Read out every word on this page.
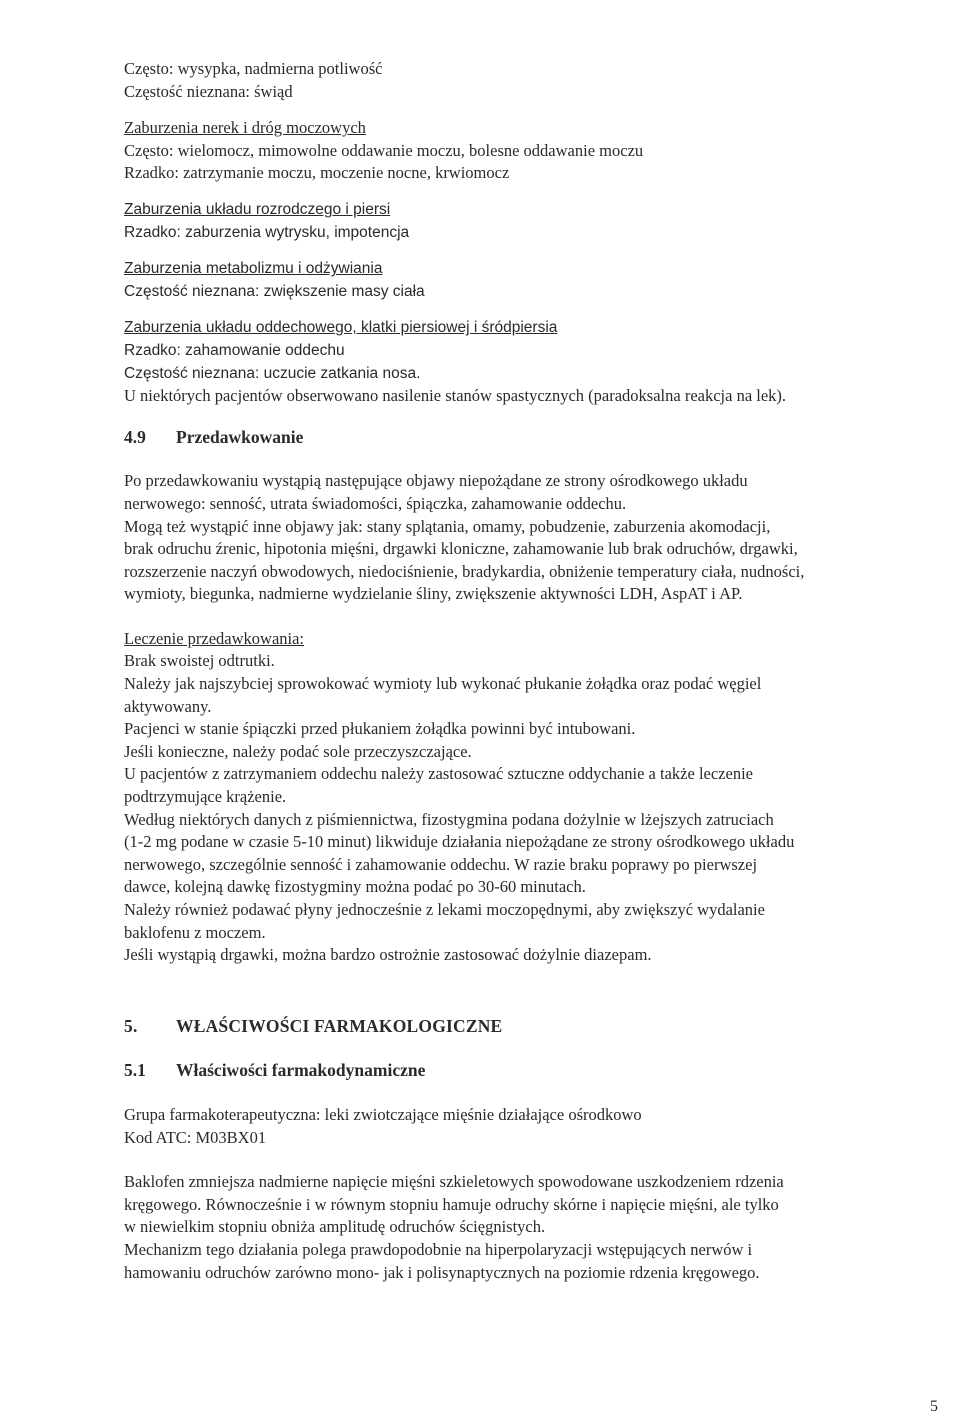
Często: wysypka, nadmierna potliwość

Częstość nieznana: świąd

Zaburzenia nerek i dróg moczowych

Często: wielomocz, mimowolne oddawanie moczu, bolesne oddawanie moczu

Rzadko: zatrzymanie moczu, moczenie nocne, krwiomocz

Zaburzenia układu rozrodczego i piersi

Rzadko: zaburzenia wytrysku, impotencja

Zaburzenia metabolizmu i odżywiania

Częstość nieznana: zwiększenie masy ciała

Zaburzenia układu oddechowego, klatki piersiowej i śródpiersia

Rzadko: zahamowanie oddechu

Częstość nieznana: uczucie zatkania nosa.

U niektórych pacjentów obserwowano nasilenie stanów spastycznych (paradoksalna reakcja na lek).

4.9 Przedawkowanie

Po przedawkowaniu wystąpią następujące objawy niepożądane ze strony ośrodkowego układu

nerwowego: senność, utrata świadomości, śpiączka, zahamowanie oddechu.

Mogą też wystąpić inne objawy jak: stany splątania, omamy, pobudzenie, zaburzenia akomodacji,

brak odruchu źrenic, hipotonia mięśni, drgawki kloniczne, zahamowanie lub brak odruchów, drgawki,

rozszerzenie naczyń obwodowych, niedociśnienie, bradykardia, obniżenie temperatury ciała, nudności,

wymioty, biegunka, nadmierne wydzielanie śliny, zwiększenie aktywności LDH, AspAT i AP.

Leczenie przedawkowania:

Brak swoistej odtrutki.

Należy jak najszybciej sprowokować wymioty lub wykonać płukanie żołądka oraz podać węgiel

aktywowany.

Pacjenci w stanie śpiączki przed płukaniem żołądka powinni być intubowani.

Jeśli konieczne, należy podać sole przeczyszczające.

U pacjentów z zatrzymaniem oddechu należy zastosować sztuczne oddychanie a także leczenie

podtrzymujące krążenie.

Według niektórych danych z piśmiennictwa, fizostygmina podana dożylnie w lżejszych zatruciach

(1-2 mg podane w czasie 5-10 minut) likwiduje działania niepożądane ze strony ośrodkowego układu

nerwowego, szczególnie senność i zahamowanie oddechu. W razie braku poprawy po pierwszej

dawce, kolejną dawkę fizostygminy można podać po 30-60 minutach.

Należy również podawać płyny jednocześnie z lekami moczopędnymi, aby zwiększyć wydalanie

baklofenu z moczem.

Jeśli wystąpią drgawki, można bardzo ostrożnie zastosować dożylnie diazepam.

5. WŁAŚCIWOŚCI FARMAKOLOGICZNE
5.1 Właściwości farmakodynamiczne

Grupa farmakoterapeutyczna: leki zwiotczające mięśnie działające ośrodkowo

Kod ATC: M03BX01

Baklofen zmniejsza nadmierne napięcie mięśni szkieletowych spowodowane uszkodzeniem rdzenia

kręgowego. Równocześnie i w równym stopniu hamuje odruchy skórne i napięcie mięśni, ale tylko

w niewielkim stopniu obniża amplitudę odruchów ścięgnistych.

Mechanizm tego działania polega prawdopodobnie na hiperpolaryzacji wstępujących nerwów i

hamowaniu odruchów zarówno mono- jak i polisynaptycznych na poziomie rdzenia kręgowego.

5
